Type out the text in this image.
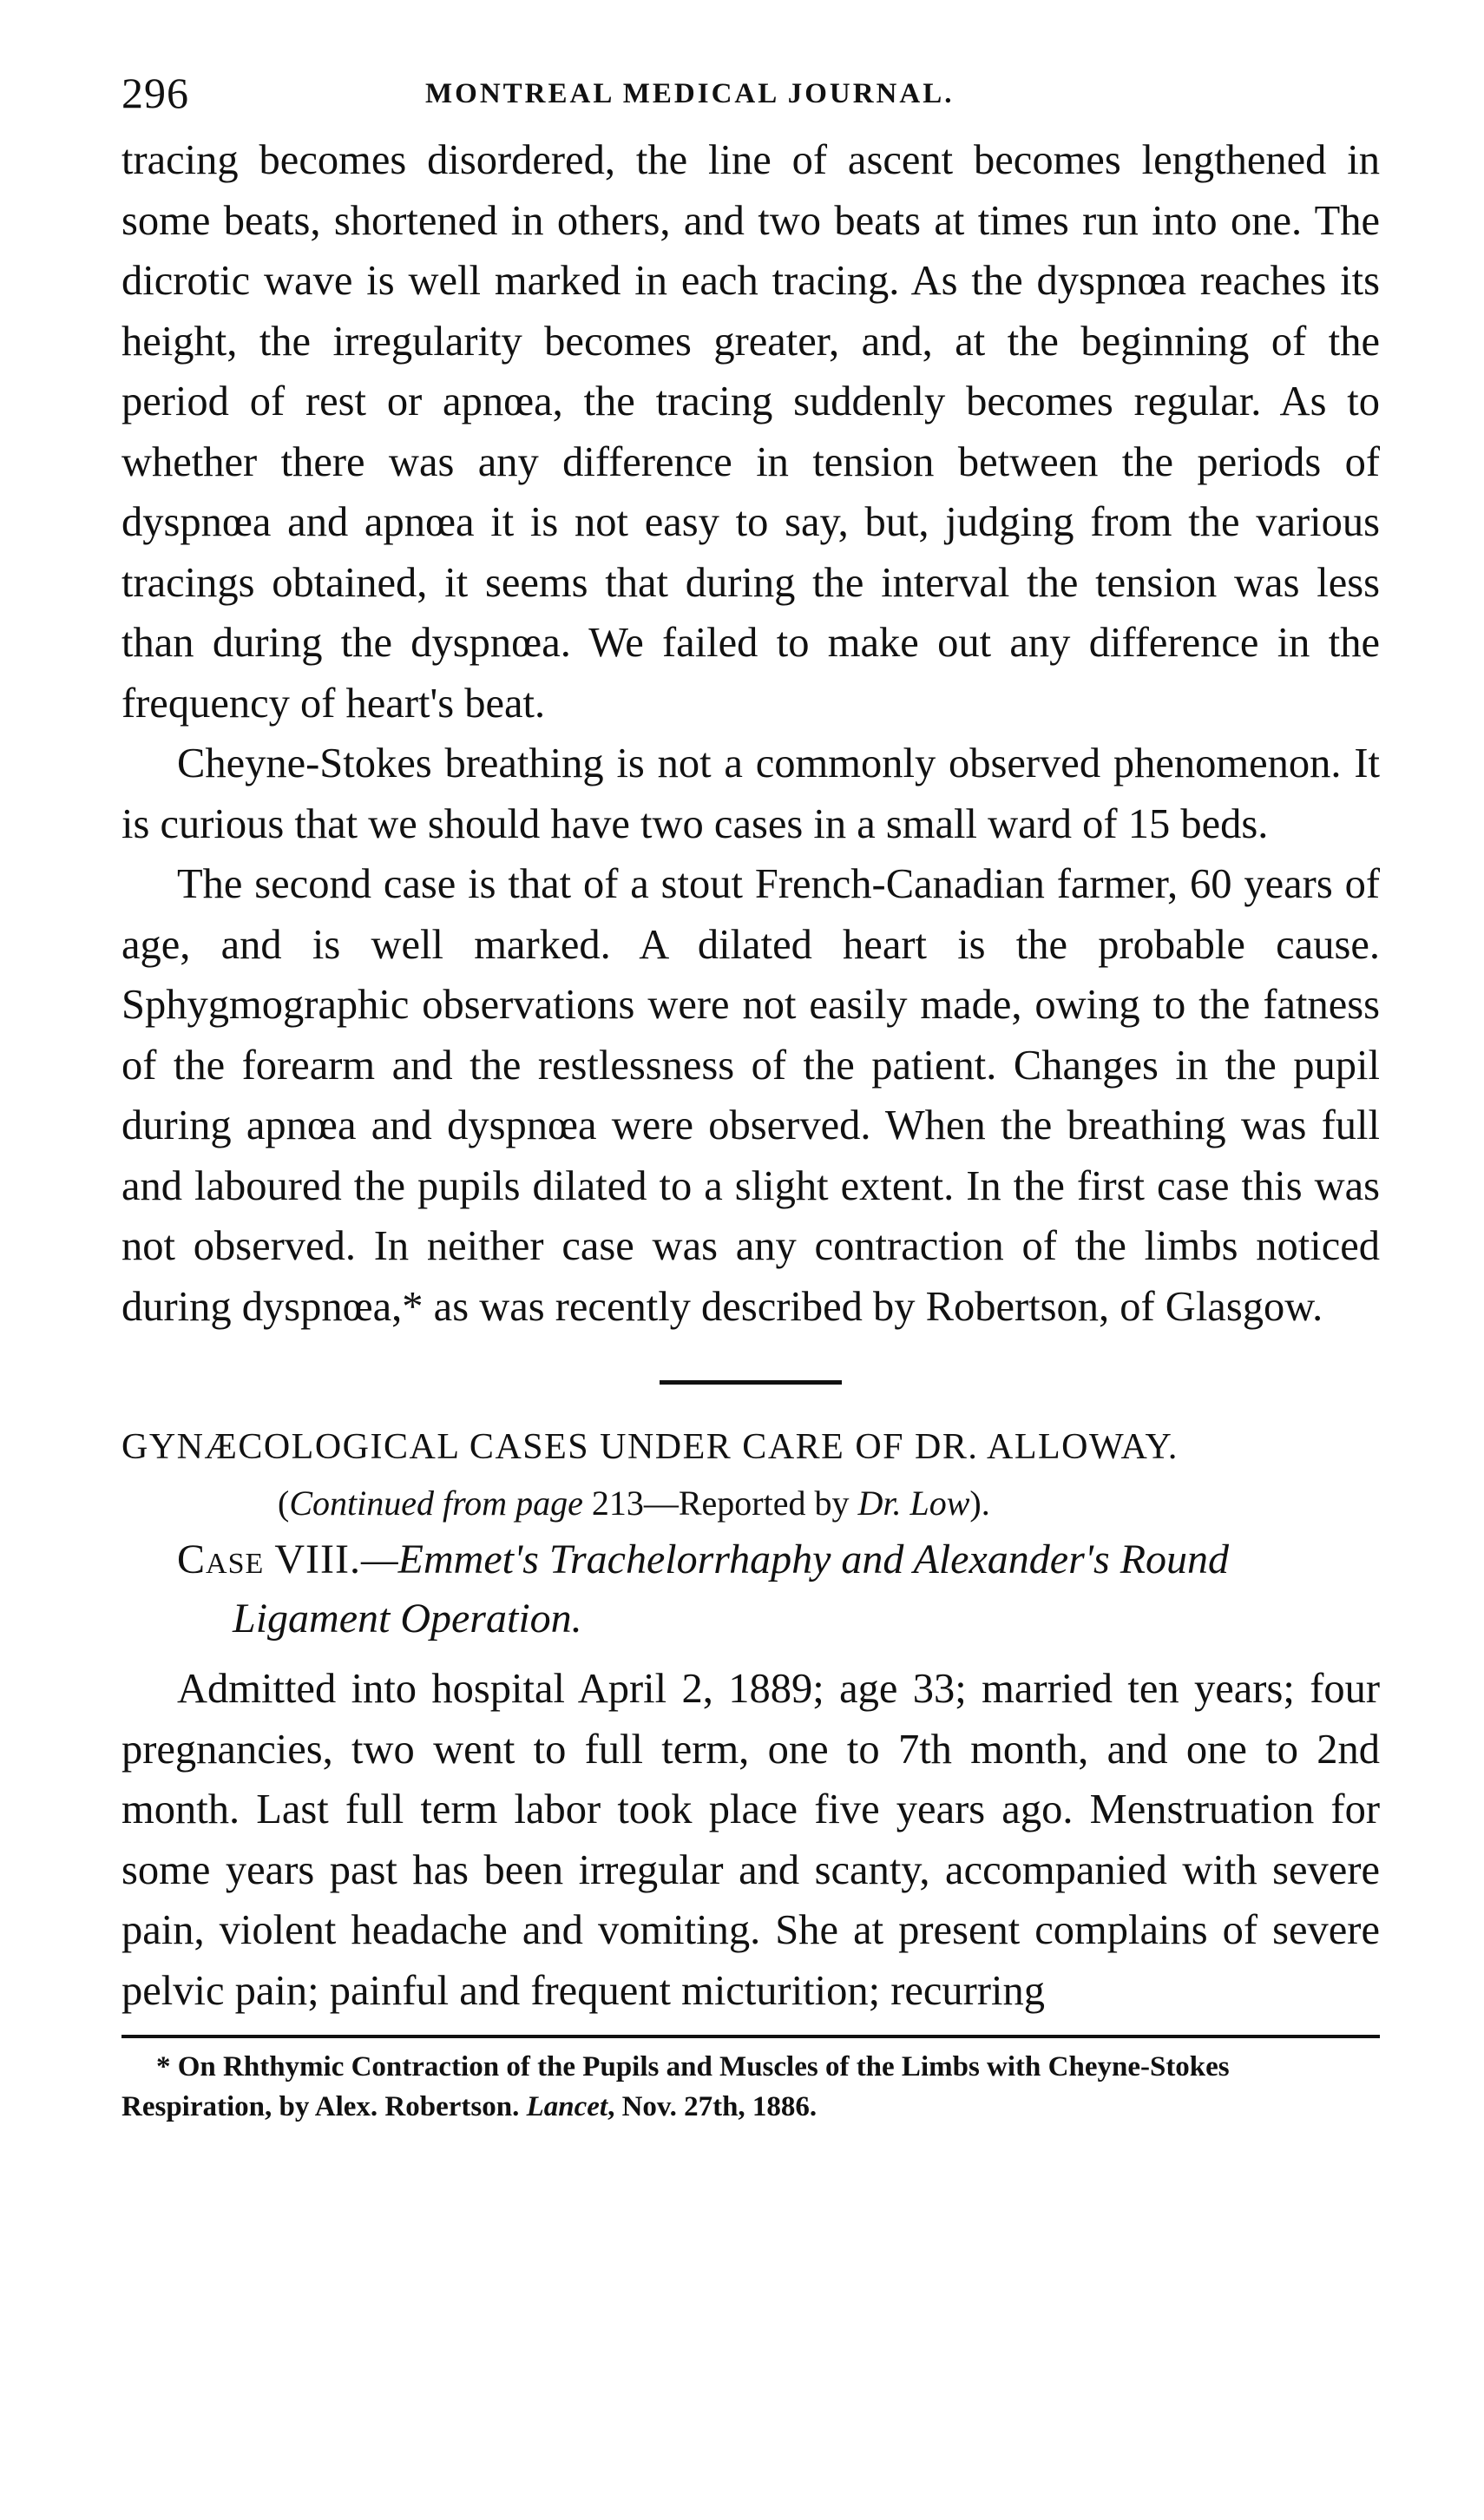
296	MONTREAL MEDICAL JOURNAL.

tracing becomes disordered, the line of ascent becomes lengthened in some beats, shortened in others, and two beats at times run into one. The dicrotic wave is well marked in each tracing. As the dyspnœa reaches its height, the irregularity becomes greater, and, at the beginning of the period of rest or apnœa, the tracing suddenly becomes regular. As to whether there was any difference in tension between the periods of dyspnœa and apnœa it is not easy to say, but, judging from the various tracings obtained, it seems that during the interval the tension was less than during the dyspnœa. We failed to make out any difference in the frequency of heart's beat.

Cheyne-Stokes breathing is not a commonly observed phenomenon. It is curious that we should have two cases in a small ward of 15 beds.

The second case is that of a stout French-Canadian farmer, 60 years of age, and is well marked. A dilated heart is the probable cause. Sphygmographic observations were not easily made, owing to the fatness of the forearm and the restlessness of the patient. Changes in the pupil during apnœa and dyspnœa were observed. When the breathing was full and laboured the pupils dilated to a slight extent. In the first case this was not observed. In neither case was any contraction of the limbs noticed during dyspnœa,* as was recently described by Robertson, of Glasgow.

GYNÆCOLOGICAL CASES UNDER CARE OF DR. ALLOWAY.
(Continued from page 213—Reported by Dr. Low).
Case VIII.—Emmet's Trachelorrhaphy and Alexander's Round Ligament Operation.

Admitted into hospital April 2, 1889; age 33; married ten years; four pregnancies, two went to full term, one to 7th month, and one to 2nd month. Last full term labor took place five years ago. Menstruation for some years past has been irregular and scanty, accompanied with severe pain, violent headache and vomiting. She at present complains of severe pelvic pain; painful and frequent micturition; recurring

* On Rhthymic Contraction of the Pupils and Muscles of the Limbs with Cheyne-Stokes Respiration, by Alex. Robertson. Lancet, Nov. 27th, 1886.
